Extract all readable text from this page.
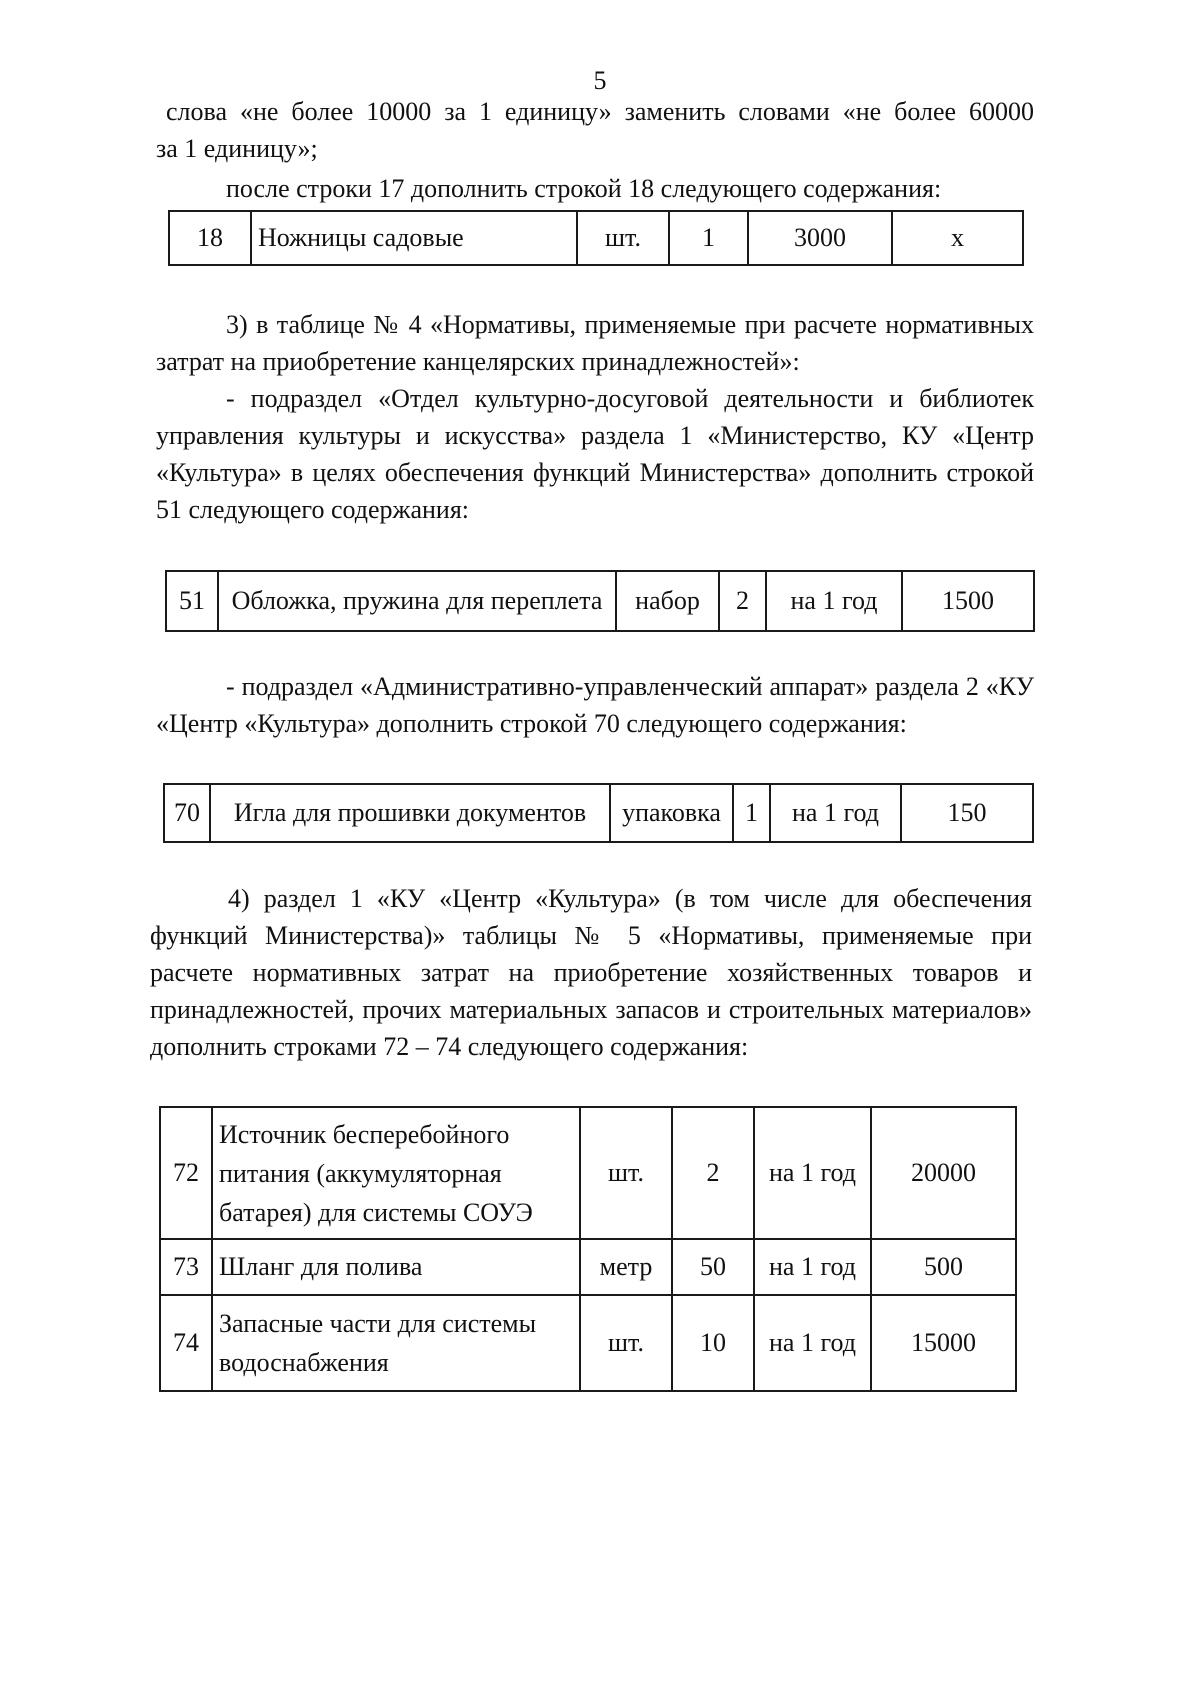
5

слова «не более 10000 за 1 единицу» заменить словами «не более 60000

за 1 единицу»;

после строки 17 дополнить строкой 18 следующего содержания:

18	Ножницы садовые	шт.	1	3000	х

3) в таблице № 4 «Нормативы, применяемые при расчете нормативных затрат на приобретение канцелярских принадлежностей»:

- подраздел «Отдел культурно-досуговой деятельности и библиотек управления культуры и искусства» раздела 1 «Министерство, КУ «Центр «Культура» в целях обеспечения функций Министерства» дополнить строкой 51 следующего содержания:

51	Обложка, пружина для переплета	набор	2	на 1 год	1500

- подраздел «Административно-управленческий аппарат» раздела 2 «КУ «Центр «Культура» дополнить строкой 70 следующего содержания:

70	Игла для прошивки документов	упаковка	1	на 1 год	150

4) раздел 1 «КУ «Центр «Культура» (в том числе для обеспечения функций Министерства)» таблицы № 5 «Нормативы, применяемые при расчете нормативных затрат на приобретение хозяйственных товаров и принадлежностей, прочих материальных запасов и строительных материалов» дополнить строками 72 – 74 следующего содержания:

72	Источник бесперебойного питания (аккумуляторная батарея) для системы СОУЭ	шт.	2	на 1 год	20000
73	Шланг для полива	метр	50	на 1 год	500
74	Запасные части для системы водоснабжения	шт.	10	на 1 год	15000
